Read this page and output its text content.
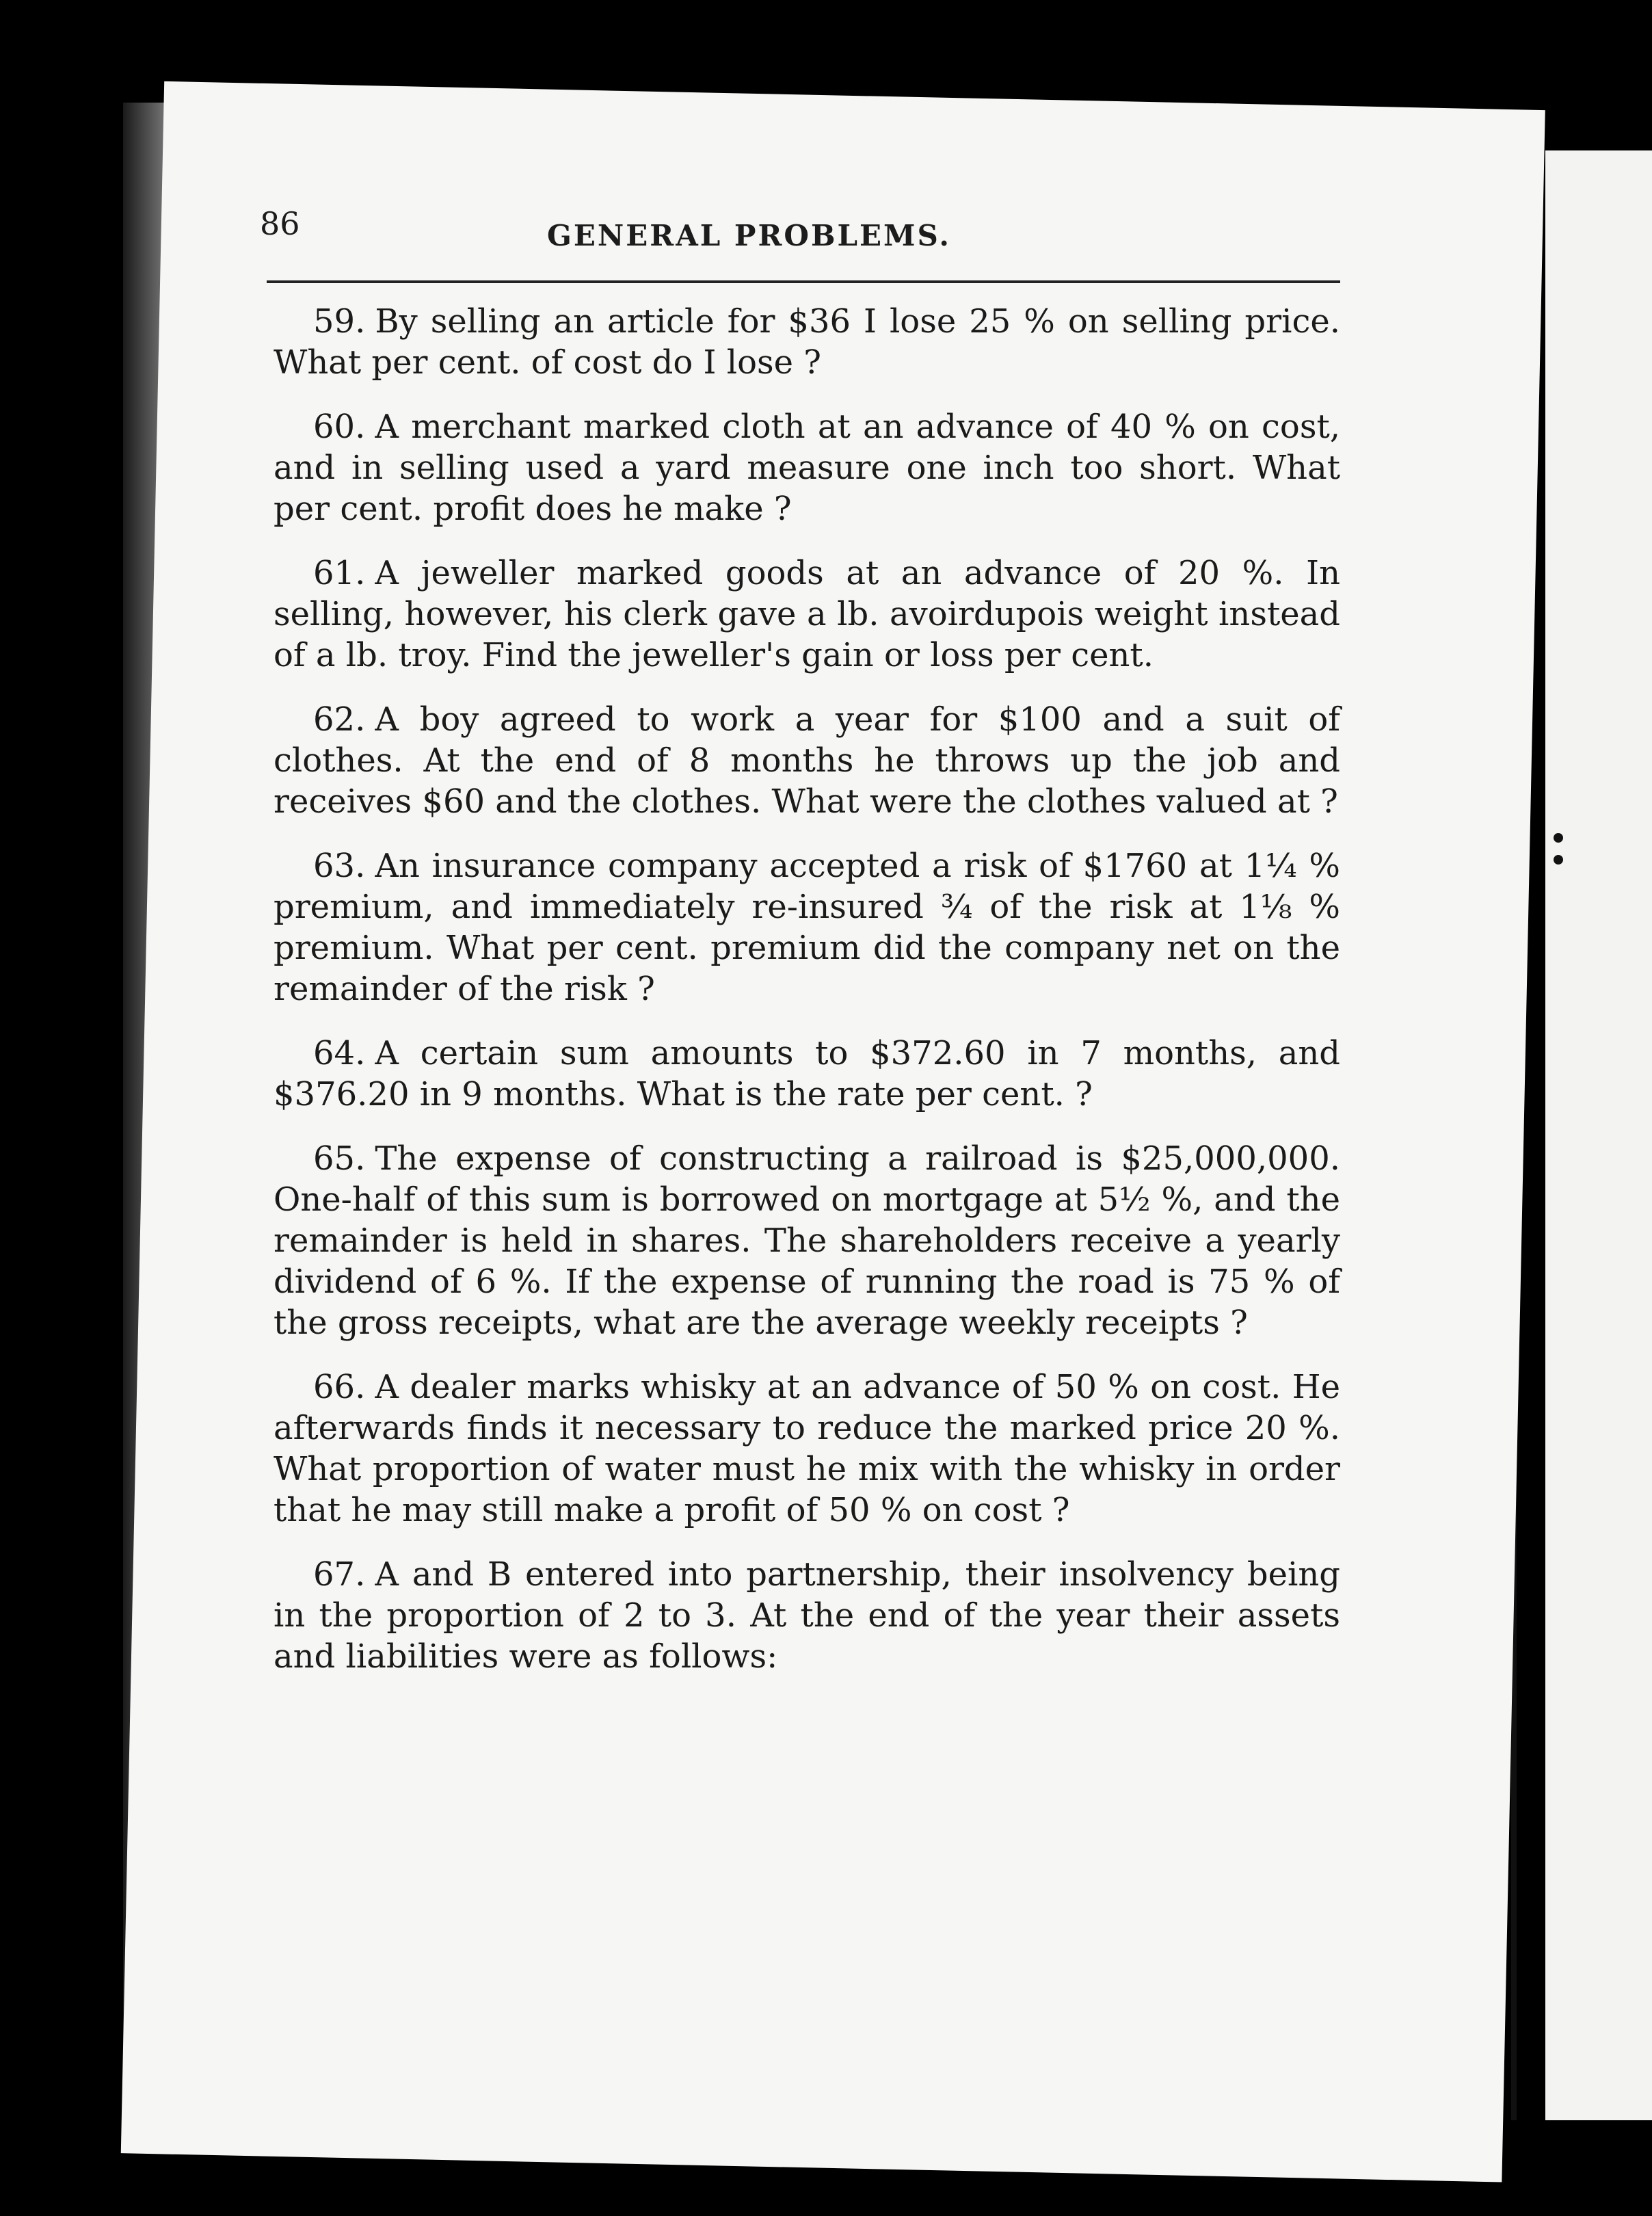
86	GENERAL PROBLEMS.

59. By selling an article for $36 I lose 25 % on selling price. What per cent. of cost do I lose ?

60. A merchant marked cloth at an advance of 40 % on cost, and in selling used a yard measure one inch too short. What per cent. profit does he make ?

61. A jeweller marked goods at an advance of 20 %. In selling, however, his clerk gave a lb. avoirdupois weight instead of a lb. troy. Find the jeweller's gain or loss per cent.

62. A boy agreed to work a year for $100 and a suit of clothes. At the end of 8 months he throws up the job and receives $60 and the clothes. What were the clothes valued at ?

63. An insurance company accepted a risk of $1760 at 1¼ % premium, and immediately re-insured ¾ of the risk at 1⅛ % premium. What per cent. premium did the company net on the remainder of the risk ?

64. A certain sum amounts to $372.60 in 7 months, and $376.20 in 9 months. What is the rate per cent. ?

65. The expense of constructing a railroad is $25,000,000. One-half of this sum is borrowed on mortgage at 5½ %, and the remainder is held in shares. The shareholders receive a yearly dividend of 6 %. If the expense of running the road is 75 % of the gross receipts, what are the average weekly receipts ?

66. A dealer marks whisky at an advance of 50 % on cost. He afterwards finds it necessary to reduce the marked price 20 %. What proportion of water must he mix with the whisky in order that he may still make a profit of 50 % on cost ?

67. A and B entered into partnership, their insolvency being in the proportion of 2 to 3. At the end of the year their assets and liabilities were as follows:
